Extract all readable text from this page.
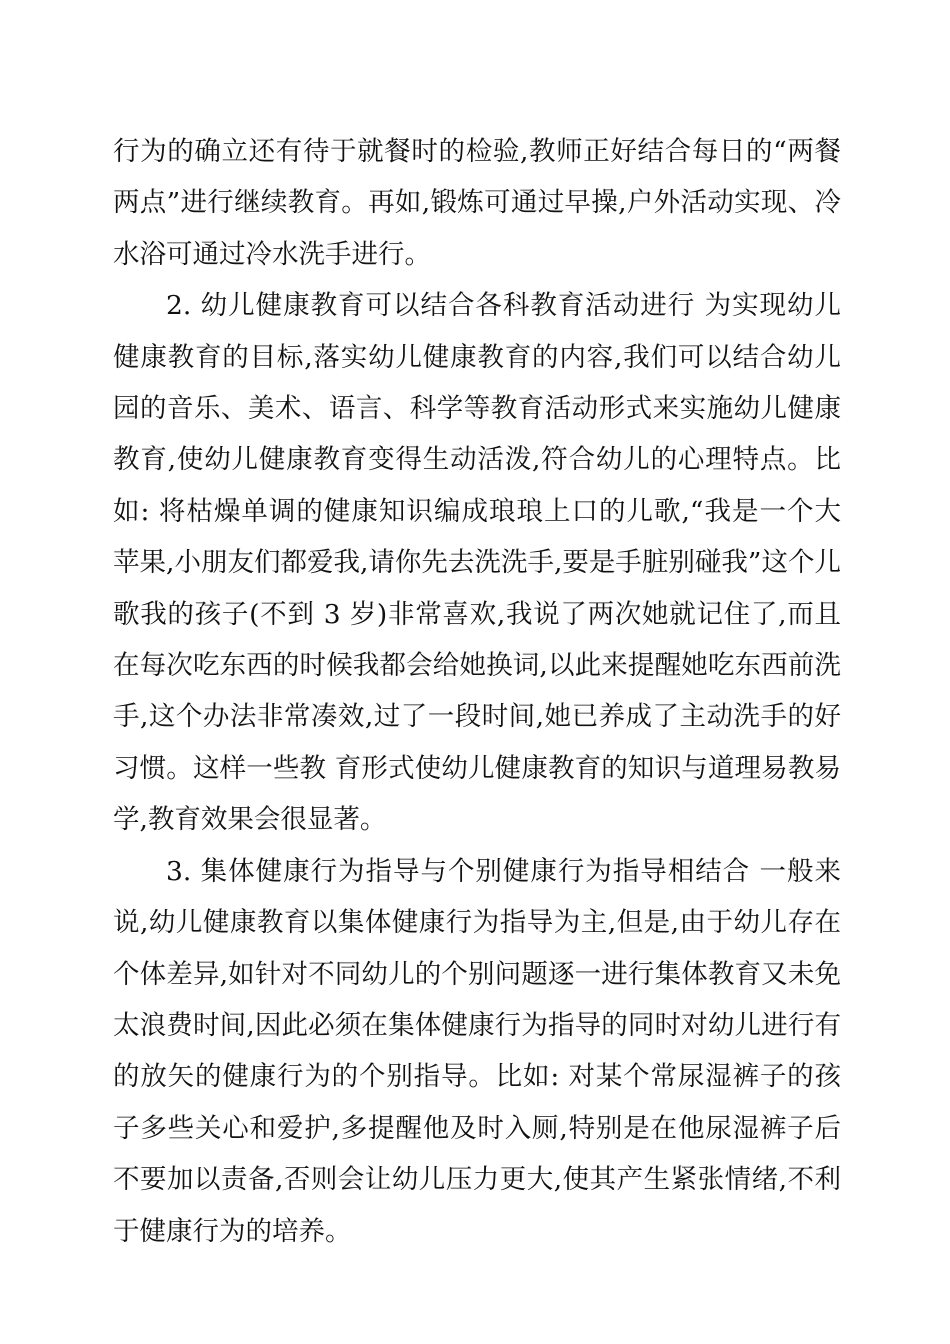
行为的确立还有待于就餐时的检验,教师正好结合每日的“两餐两点”进行继续教育。再如,锻炼可通过早操,户外活动实现、冷水浴可通过冷水洗手进行。

2. 幼儿健康教育可以结合各科教育活动进行 为实现幼儿健康教育的目标,落实幼儿健康教育的内容,我们可以结合幼儿园的音乐、美术、语言、科学等教育活动形式来实施幼儿健康教育,使幼儿健康教育变得生动活泼,符合幼儿的心理特点。比如: 将枯燥单调的健康知识编成琅琅上口的儿歌,“我是一个大苹果,小朋友们都爱我,请你先去洗洗手,要是手脏别碰我”这个儿歌我的孩子(不到 3 岁)非常喜欢,我说了两次她就记住了,而且在每次吃东西的时候我都会给她换词,以此来提醒她吃东西前洗手,这个办法非常凑效,过了一段时间,她已养成了主动洗手的好习惯。这样一些教 育形式使幼儿健康教育的知识与道理易教易学,教育效果会很显著。

3. 集体健康行为指导与个别健康行为指导相结合 一般来说,幼儿健康教育以集体健康行为指导为主,但是,由于幼儿存在个体差异,如针对不同幼儿的个别问题逐一进行集体教育又未免太浪费时间,因此必须在集体健康行为指导的同时对幼儿进行有的放矢的健康行为的个别指导。比如: 对某个常尿湿裤子的孩子多些关心和爱护,多提醒他及时入厕,特别是在他尿湿裤子后不要加以责备,否则会让幼儿压力更大,使其产生紧张情绪,不利于健康行为的培养。
